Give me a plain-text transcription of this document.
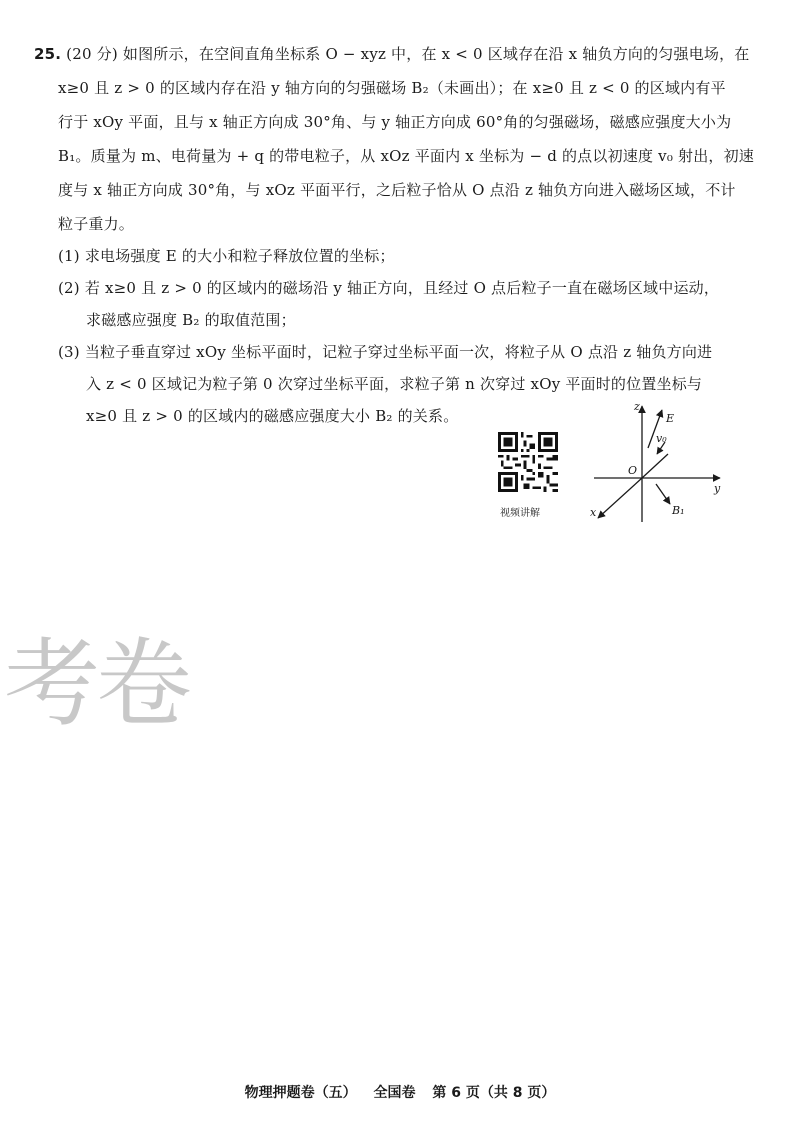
25. (20 分) 如图所示，在空间直角坐标系 O − xyz 中，在 x < 0 区域存在沿 x 轴负方向的匀强电场，在
x≥0 且 z > 0 的区域内存在沿 y 轴方向的匀强磁场 B₂（未画出）；在 x≥0 且 z < 0 的区域内有平
行于 xOy 平面，且与 x 轴正方向成 30°角、与 y 轴正方向成 60°角的匀强磁场，磁感应强度大小为
B₁。质量为 m、电荷量为 + q 的带电粒子，从 xOz 平面内 x 坐标为 − d 的点以初速度 v₀ 射出，初速
度与 x 轴正方向成 30°角，与 xOz 平面平行，之后粒子恰从 O 点沿 z 轴负方向进入磁场区域，不计
粒子重力。
(1) 求电场强度 E 的大小和粒子释放位置的坐标；
(2) 若 x≥0 且 z > 0 的区域内的磁场沿 y 轴正方向，且经过 O 点后粒子一直在磁场区域中运动，
求磁感应强度 B₂ 的取值范围；
(3) 当粒子垂直穿过 xOy 坐标平面时，记粒子穿过坐标平面一次，将粒子从 O 点沿 z 轴负方向进
入 z < 0 区域记为粒子第 0 次穿过坐标平面，求粒子第 n 次穿过 xOy 平面时的位置坐标与
x≥0 且 z > 0 的区域内的磁感应强度大小 B₂ 的关系。
视频讲解
z
y
x
O
E
v₀
B₁
考卷
物理押题卷（五） 全国卷 第 6 页（共 8 页）
